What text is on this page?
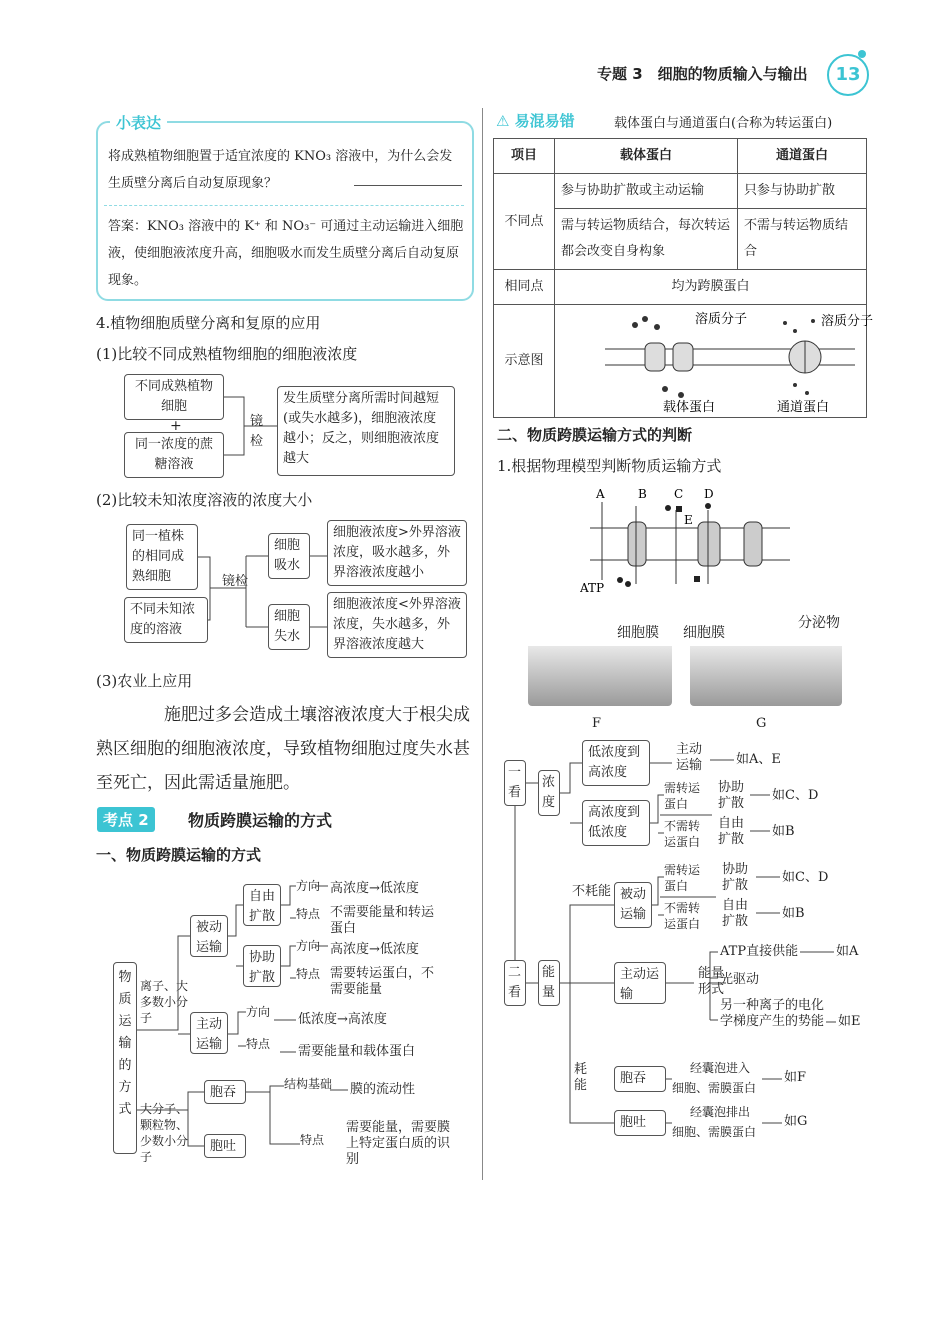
专题 3　细胞的物质输入与输出	13
小表达
将成熟植物细胞置于适宜浓度的 KNO₃ 溶液中，为什么会发生质壁分离后自动复原现象？
答案：KNO₃ 溶液中的 K⁺ 和 NO₃⁻ 可通过主动运输进入细胞液，使细胞液浓度升高，细胞吸水而发生质壁分离后自动复原现象。
4.植物细胞质壁分离和复原的应用
(1)比较不同成熟植物细胞的细胞液浓度
不同成熟植物细胞
+
同一浓度的蔗糖溶液
镜检
发生质壁分离所需时间越短(或失水越多)，细胞液浓度越小；反之，则细胞液浓度越大
(2)比较未知浓度溶液的浓度大小
同一植株的相同成熟细胞
不同未知浓度的溶液
镜检
细胞吸水
细胞失水
细胞液浓度>外界溶液浓度，吸水越多，外界溶液浓度越小
细胞液浓度<外界溶液浓度，失水越多，外界溶液浓度越大
(3)农业上应用
施肥过多会造成土壤溶液浓度大于根尖成熟区细胞的细胞液浓度，导致植物细胞过度失水甚至死亡，因此需适量施肥。
考点 2	物质跨膜运输的方式
一、物质跨膜运输的方式
物质运输的方式
离子、大多数小分子
大分子、颗粒物、少数小分子
被动运输
主动运输
自由扩散
协助扩散
方向
特点
高浓度→低浓度
不需要能量和转运蛋白
方向
特点
高浓度→低浓度
需要转运蛋白，不需要能量
方向
特点
低浓度→高浓度
需要能量和载体蛋白
胞吞
胞吐
结构基础 膜的流动性
特点
需要能量，需要膜上特定蛋白质的识别
⚠ 易混易错	载体蛋白与通道蛋白(合称为转运蛋白)
项目	载体蛋白	通道蛋白
不同点	参与协助扩散或主动运输	只参与协助扩散
	需与转运物质结合，每次转运都会改变自身构象	不需与转运物质结合
相同点	均为跨膜蛋白	
示意图	溶质分子 溶质分子
载体蛋白 通道蛋白	
二、物质跨膜运输方式的判断
1.根据物理模型判断物质运输方式
A	B C D
E
ATP
细胞膜 细胞膜
分泌物
F	G
一看
浓度
低浓度到高浓度
主动运输	如A、E
高浓度到低浓度
需转运蛋白
不需转运蛋白
协助扩散
自由扩散
如C、D
如B
二看
能量
不耗能 被动运输
需转运蛋白
不需转运蛋白
协助扩散
自由扩散
如C、D
如B
主动运输
能量形式
ATP直接供能	如A
光驱动
另一种离子的电化学梯度产生的势能 如E
耗能	胞吞
胞吐
经囊泡进入
细胞、需膜蛋白
如F
经囊泡排出
细胞、需膜蛋白
如G
